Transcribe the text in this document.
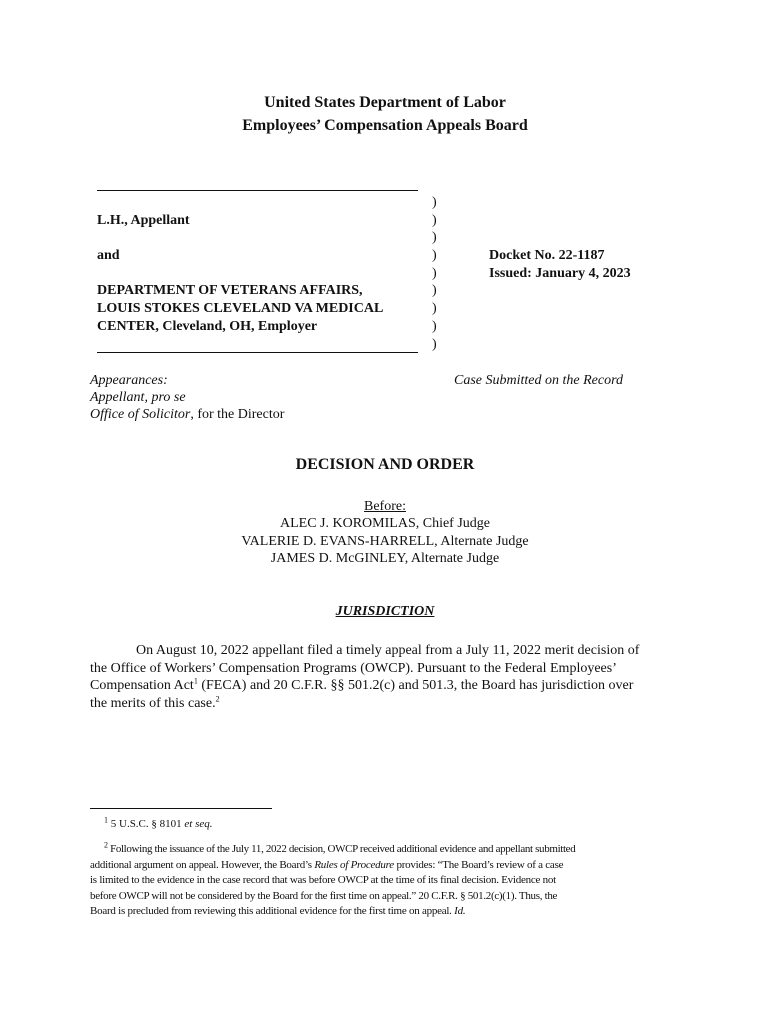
United States Department of Labor
Employees’ Compensation Appeals Board
L.H., Appellant
and
DEPARTMENT OF VETERANS AFFAIRS,
LOUIS STOKES CLEVELAND VA MEDICAL
CENTER, Cleveland, OH, Employer
)
)
)
)
)
)
)
)
)
Docket No. 22-1187
Issued: January 4, 2023
Appearances:
Appellant, pro se
Office of Solicitor, for the Director
Case Submitted on the Record
DECISION AND ORDER
Before:
ALEC J. KOROMILAS, Chief Judge
VALERIE D. EVANS-HARRELL, Alternate Judge
JAMES D. McGINLEY, Alternate Judge
JURISDICTION
On August 10, 2022 appellant filed a timely appeal from a July 11, 2022 merit decision of
the Office of Workers’ Compensation Programs (OWCP). Pursuant to the Federal Employees’
Compensation Act$^1$ (FECA) and 20 C.F.R. §§ 501.2(c) and 501.3, the Board has jurisdiction over
the merits of this case.$^2$
$^1$ 5 U.S.C. § 8101 et seq.
$^2$ Following the issuance of the July 11, 2022 decision, OWCP received additional evidence and appellant submitted
additional argument on appeal. However, the Board’s Rules of Procedure provides: “The Board’s review of a case
is limited to the evidence in the case record that was before OWCP at the time of its final decision. Evidence not
before OWCP will not be considered by the Board for the first time on appeal.” 20 C.F.R. § 501.2(c)(1). Thus, the
Board is precluded from reviewing this additional evidence for the first time on appeal. Id.
